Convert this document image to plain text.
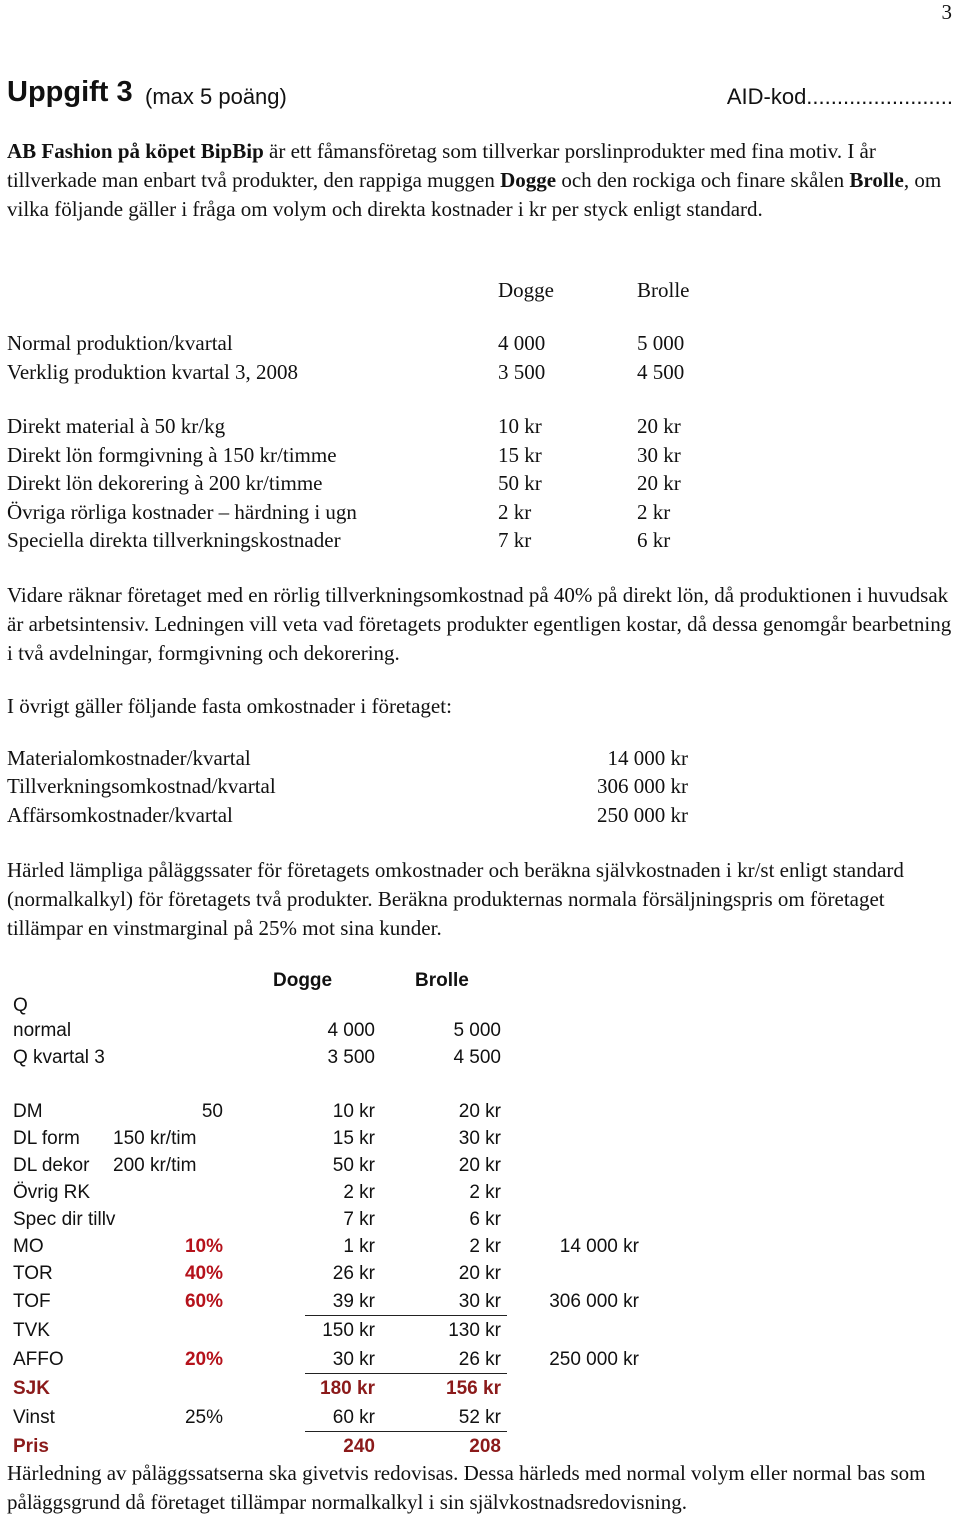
3
Uppgift 3 (max 5 poäng)	AID-kod........................
AB Fashion på köpet BipBip är ett fåmansföretag som tillverkar porslinprodukter med fina motiv. I år tillverkade man enbart två produkter, den rappiga muggen Dogge och den rockiga och finare skålen Brolle, om vilka följande gäller i fråga om volym och direkta kostnader i kr per styck enligt standard.
Dogge	Brolle
Normal produktion/kvartal	4 000	5 000
Verklig produktion kvartal 3, 2008	3 500	4 500
Direkt material à 50 kr/kg	10 kr	20 kr
Direkt lön formgivning à 150 kr/timme	15 kr	30 kr
Direkt lön dekorering à 200 kr/timme	50 kr	20 kr
Övriga rörliga kostnader – härdning i ugn	2 kr	2 kr
Speciella direkta tillverkningskostnader	7 kr	6 kr
Vidare räknar företaget med en rörlig tillverkningsomkostnad på 40% på direkt lön, då produktionen i huvudsak är arbetsintensiv. Ledningen vill veta vad företagets produkter egentligen kostar, då dessa genomgår bearbetning i två avdelningar, formgivning och dekorering.
I övrigt gäller följande fasta omkostnader i företaget:
Materialomkostnader/kvartal	14 000 kr
Tillverkningsomkostnad/kvartal	306 000 kr
Affärsomkostnader/kvartal	250 000 kr
Härled lämpliga påläggssater för företagets omkostnader och beräkna självkostnaden i kr/st enligt standard (normalkalkyl) för företagets två produkter. Beräkna produkternas normala försäljningspris om företaget tillämpar en vinstmarginal på 25% mot sina kunder.
Dogge	Brolle
Q
normal	4 000	5 000
Q kvartal 3	3 500	4 500
DM	50	10 kr	20 kr
DL form 150 kr/tim	15 kr	30 kr
DL dekor 200 kr/tim	50 kr	20 kr
Övrig RK	2 kr	2 kr
Spec dir tillv	7 kr	6 kr
MO	10%	1 kr	2 kr	14 000 kr
TOR	40%	26 kr	20 kr
TOF	60%	39 kr	30 kr	306 000 kr
TVK	150 kr	130 kr
AFFO	20%	30 kr	26 kr	250 000 kr
SJK	180 kr	156 kr
Vinst	25%	60 kr	52 kr
Pris	240	208
Härledning av påläggssatserna ska givetvis redovisas. Dessa härleds med normal volym eller normal bas som påläggsgrund då företaget tillämpar normalkalkyl i sin självkostnadsredovisning.
